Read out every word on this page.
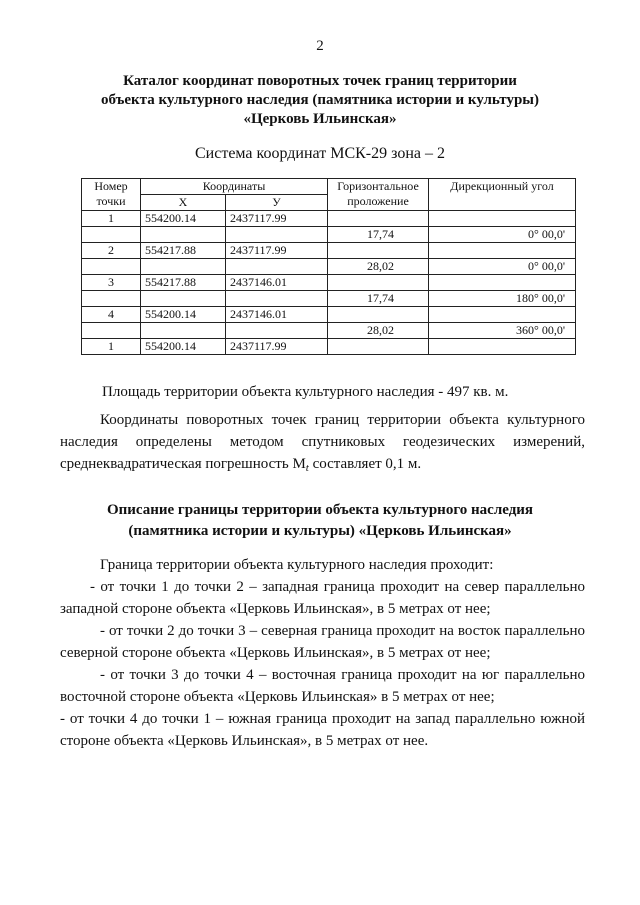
2
Каталог координат поворотных точек границ территории
объекта культурного наследия (памятника истории и культуры)
«Церковь Ильинская»
Система координат МСК-29 зона – 2
Номер точки	Координаты		Горизонтальное проложение	Дирекционный угол
	X	У		
1	554200.14	2437117.99		
			17,74	0° 00,0'
2	554217.88	2437117.99		
			28,02	0° 00,0'
3	554217.88	2437146.01		
			17,74	180° 00,0'
4	554200.14	2437146.01		
			28,02	360° 00,0'
1	554200.14	2437117.99		
Площадь территории объекта культурного наследия - 497 кв. м.
Координаты поворотных точек границ территории объекта культурного наследия определены методом спутниковых геодезических измерений, среднеквадратическая погрешность $M_t$ составляет 0,1 м.
Описание границы территории объекта культурного наследия
(памятника истории и культуры) «Церковь Ильинская»
Граница территории объекта культурного наследия проходит:
- от точки 1 до точки 2 – западная граница проходит на север параллельно западной стороне объекта «Церковь Ильинская», в 5 метрах от нее;
- от точки 2 до точки 3 – северная граница проходит на восток параллельно северной стороне объекта «Церковь Ильинская», в 5 метрах от нее;
- от точки 3 до точки 4 – восточная граница проходит на юг параллельно восточной стороне объекта «Церковь Ильинская» в 5 метрах от нее;
- от точки 4 до точки 1 – южная граница проходит на запад параллельно южной стороне объекта «Церковь Ильинская», в 5 метрах от нее.
